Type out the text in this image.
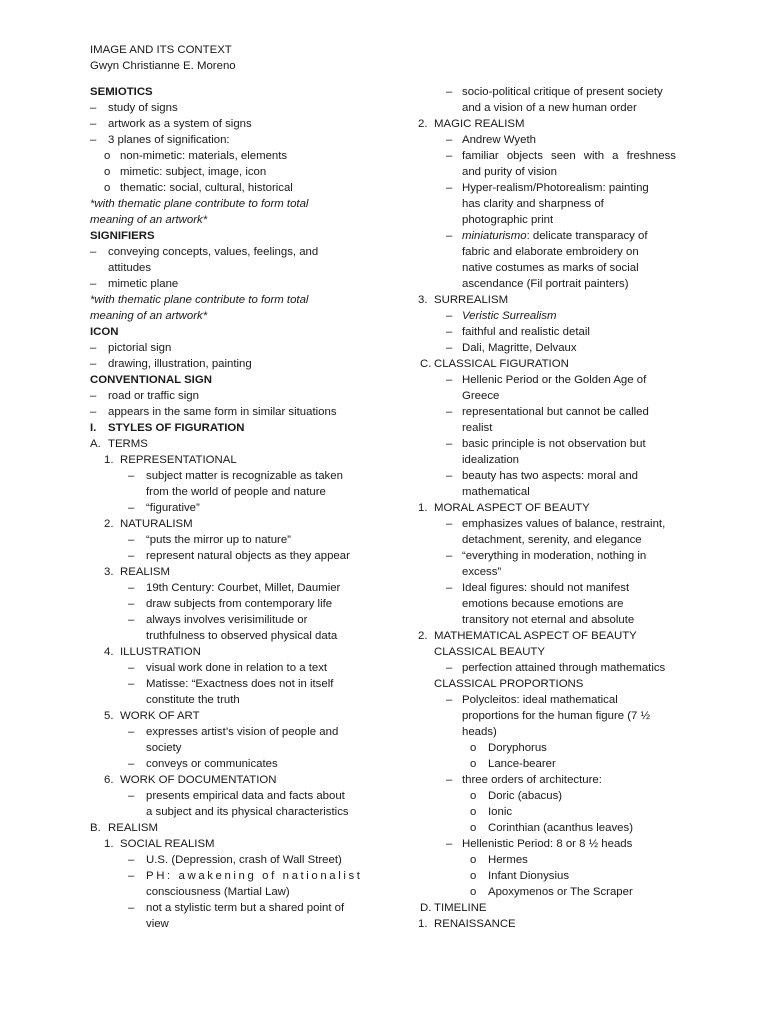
IMAGE AND ITS CONTEXT
Gwyn Christianne E. Moreno
SEMIOTICS
– study of signs
– artwork as a system of signs
– 3 planes of signification:
o non-mimetic: materials, elements
o mimetic: subject, image, icon
o thematic: social, cultural, historical
*with thematic plane contribute to form total
meaning of an artwork*
SIGNIFIERS
– conveying concepts, values, feelings, and
attitudes
– mimetic plane
*with thematic plane contribute to form total
meaning of an artwork*
ICON
– pictorial sign
– drawing, illustration, painting
CONVENTIONAL SIGN
– road or traffic sign
– appears in the same form in similar situations
I. STYLES OF FIGURATION
A. TERMS
1. REPRESENTATIONAL
– subject matter is recognizable as taken
from the world of people and nature
– “figurative”
2. NATURALISM
– “puts the mirror up to nature”
– represent natural objects as they appear
3. REALISM
– 19th Century: Courbet, Millet, Daumier
– draw subjects from contemporary life
– always involves verisimilitude or
truthfulness to observed physical data
4. ILLUSTRATION
– visual work done in relation to a text
– Matisse: “Exactness does not in itself
constitute the truth
5. WORK OF ART
– expresses artist’s vision of people and
society
– conveys or communicates
6. WORK OF DOCUMENTATION
– presents empirical data and facts about
a subject and its physical characteristics
B. REALISM
1. SOCIAL REALISM
– U.S. (Depression, crash of Wall Street)
– PH: awakening of nationalist
consciousness (Martial Law)
– not a stylistic term but a shared point of
view
– socio-political critique of present society
and a vision of a new human order
2. MAGIC REALISM
– Andrew Wyeth
– familiar objects seen with a freshness
and purity of vision
– Hyper-realism/Photorealism: painting
has clarity and sharpness of
photographic print
– miniaturismo: delicate transparacy of
fabric and elaborate embroidery on
native costumes as marks of social
ascendance (Fil portrait painters)
3. SURREALISM
– Veristic Surrealism
– faithful and realistic detail
– Dali, Magritte, Delvaux
C. CLASSICAL FIGURATION
– Hellenic Period or the Golden Age of
Greece
– representational but cannot be called
realist
– basic principle is not observation but
idealization
– beauty has two aspects: moral and
mathematical
1. MORAL ASPECT OF BEAUTY
– emphasizes values of balance, restraint,
detachment, serenity, and elegance
– “everything in moderation, nothing in
excess”
– Ideal figures: should not manifest
emotions because emotions are
transitory not eternal and absolute
2. MATHEMATICAL ASPECT OF BEAUTY
CLASSICAL BEAUTY
– perfection attained through mathematics
CLASSICAL PROPORTIONS
– Polycleitos: ideal mathematical
proportions for the human figure (7 ½
heads)
o Doryphorus
o Lance-bearer
– three orders of architecture:
o Doric (abacus)
o Ionic
o Corinthian (acanthus leaves)
– Hellenistic Period: 8 or 8 ½ heads
o Hermes
o Infant Dionysius
o Apoxymenos or The Scraper
D. TIMELINE
1. RENAISSANCE
